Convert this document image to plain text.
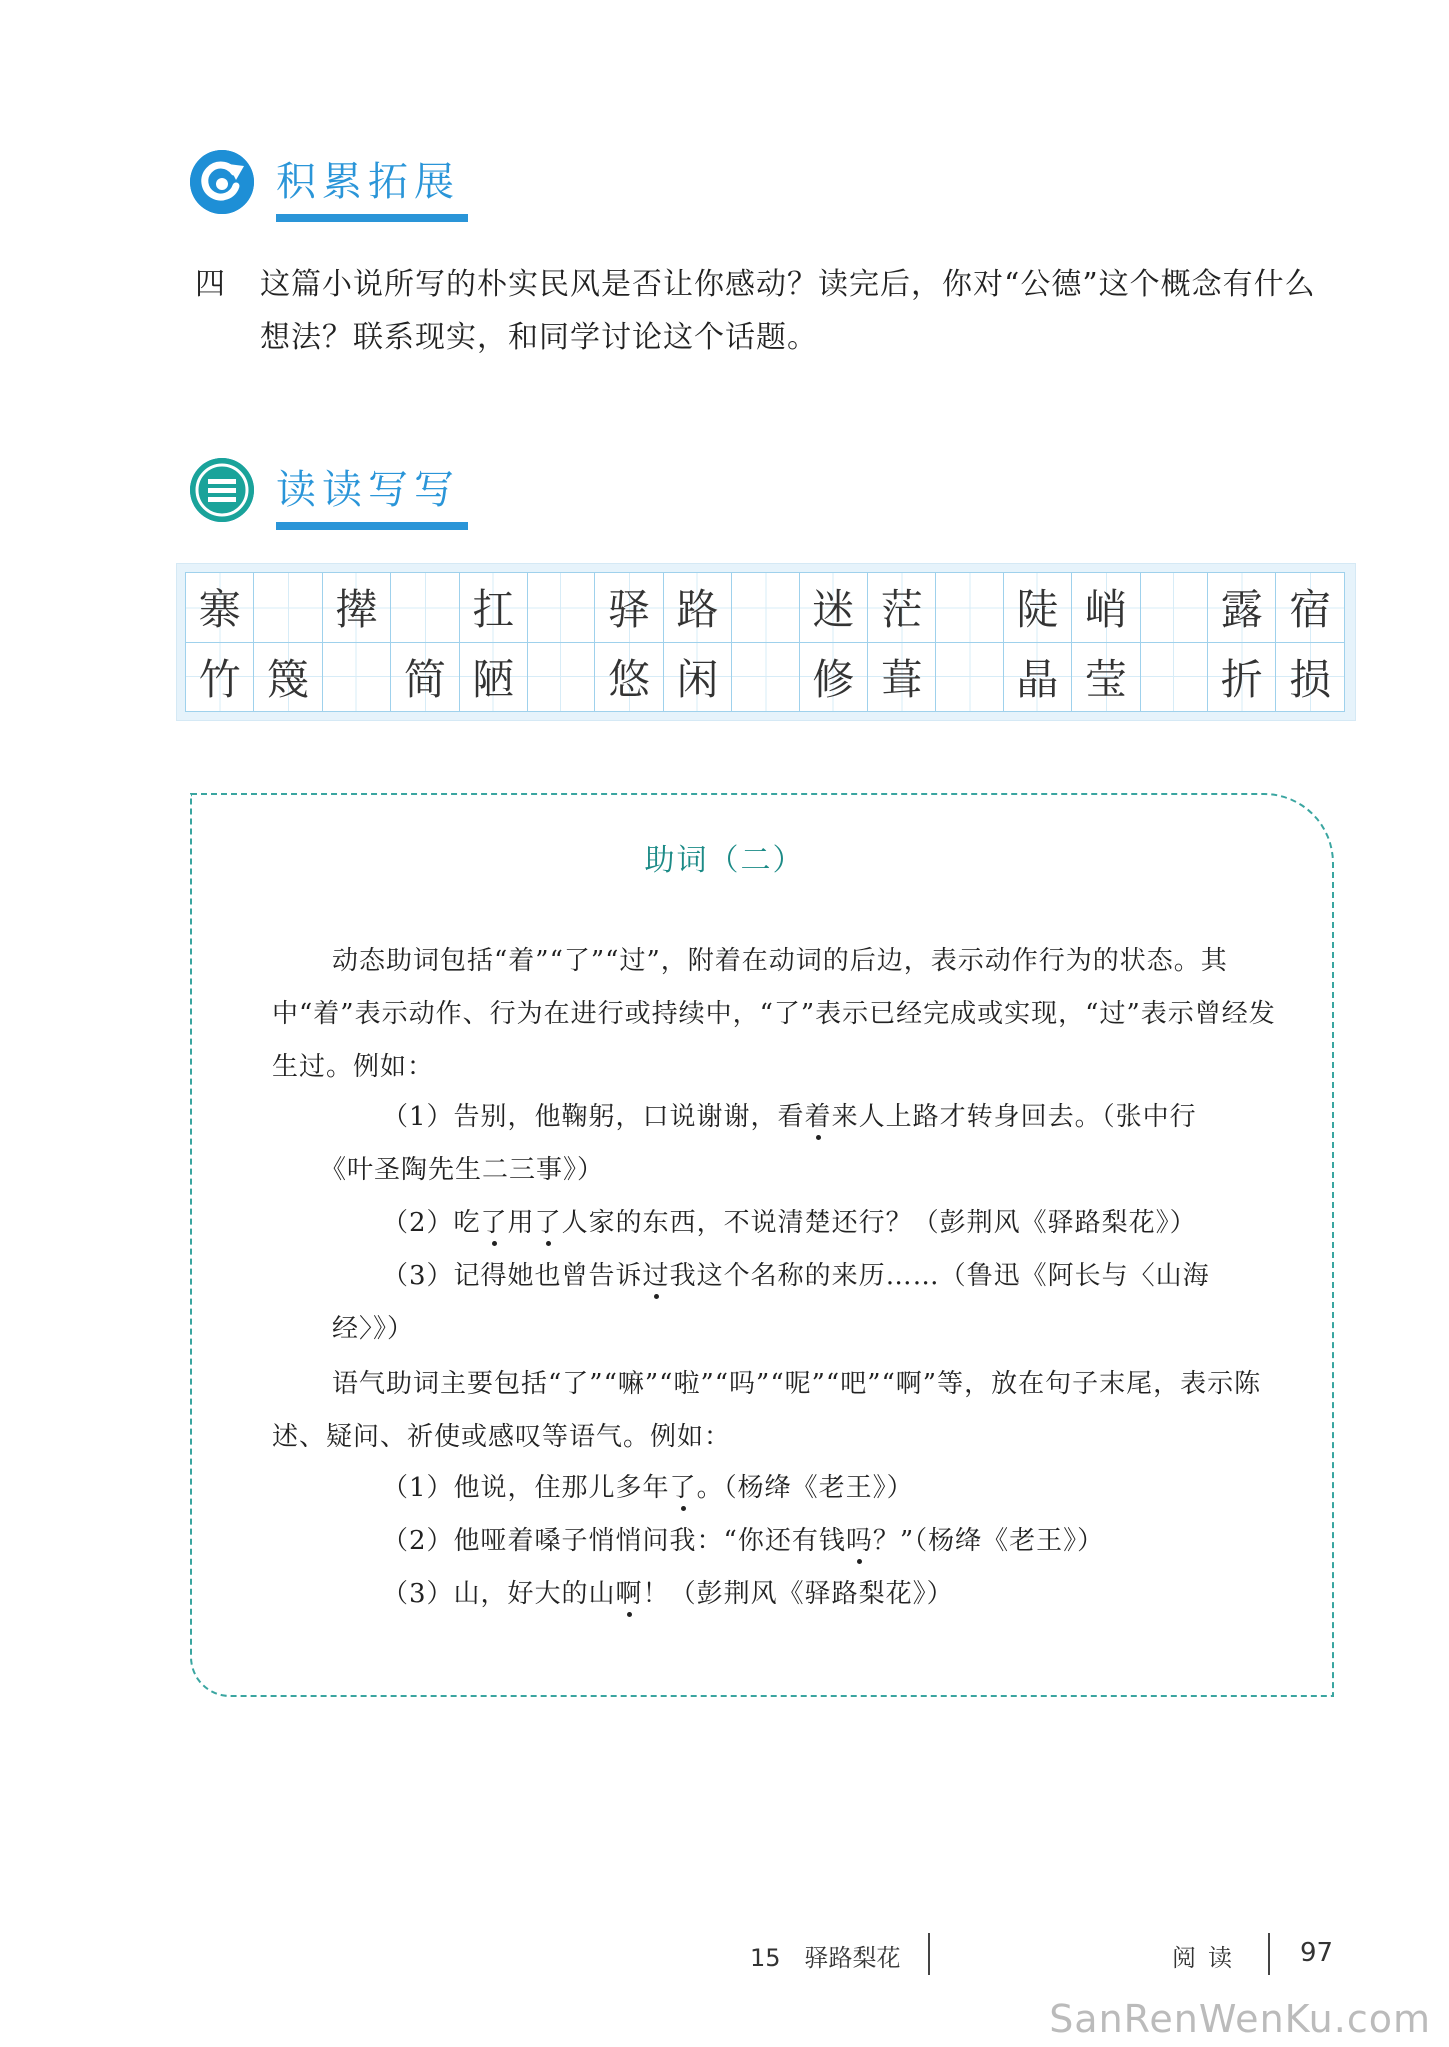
积累拓展
四 这篇小说所写的朴实民风是否让你感动？读完后，你对“公德”这个概念有什么想法？联系现实，和同学讨论这个话题。
读读写写
寨		撵		扛		驿	路		迷	茫		陡	峭		露	宿
竹	篾		简	陋		悠	闲		修	葺		晶	莹		折	损
助词（二）
动态助词包括“着”“了”“过”，附着在动词的后边，表示动作行为的状态。其中“着”表示动作、行为在进行或持续中，“了”表示已经完成或实现，“过”表示曾经发生过。例如：
（1）告别，他鞠躬，口说谢谢，看着来人上路才转身回去。（张中行
《叶圣陶先生二三事》）
（2）吃了用了人家的东西，不说清楚还行？（彭荆风《驿路梨花》）
（3）记得她也曾告诉过我这个名称的来历……（鲁迅《阿长与〈山海
经〉》）
语气助词主要包括“了”“嘛”“啦”“吗”“呢”“吧”“啊”等，放在句子末尾，表示陈述、疑问、祈使或感叹等语气。例如：
（1）他说，住那儿多年了。（杨绛《老王》）
（2）他哑着嗓子悄悄问我：“你还有钱吗？”（杨绛《老王》）
（3）山，好大的山啊！（彭荆风《驿路梨花》）
15　驿路梨花	阅读 97
SanRenWenKu.com
